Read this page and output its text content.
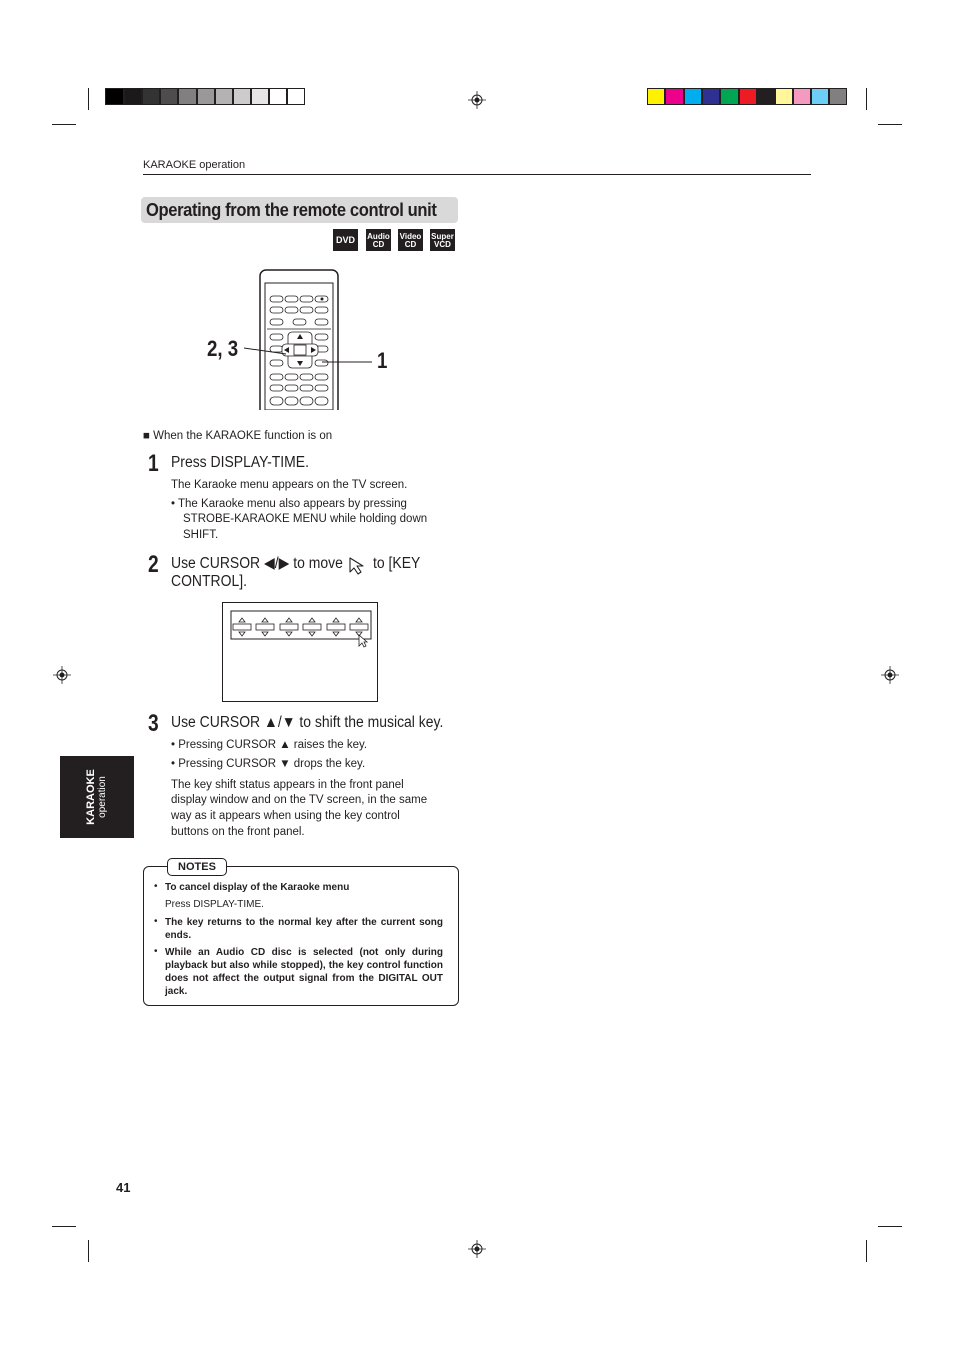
KARAOKE operation
Operating from the remote control unit
DVD	Audio
CD
Video
CD
Super
VCD
2, 3	1
■ When the KARAOKE function is on
1 Press DISPLAY-TIME.
The Karaoke menu appears on the TV screen.
• The Karaoke menu also appears by pressing
STROBE-KARAOKE MENU while holding down
SHIFT.
2 Use CURSOR ◀/▶ to move to [KEY
CONTROL].
3 Use CURSOR ▲/▼ to shift the musical key.
• Pressing CURSOR ▲ raises the key.
• Pressing CURSOR ▼ drops the key.
The key shift status appears in the front panel
display window and on the TV screen, in the same
way as it appears when using the key control
buttons on the front panel.
KARAOKE operation
NOTES
• To cancel display of the Karaoke menu
Press DISPLAY-TIME.
• The key returns to the normal key after the current song ends.
• While an Audio CD disc is selected (not only during playback but also while stopped), the key control function does not affect the output signal from the DIGITAL OUT jack.
41
